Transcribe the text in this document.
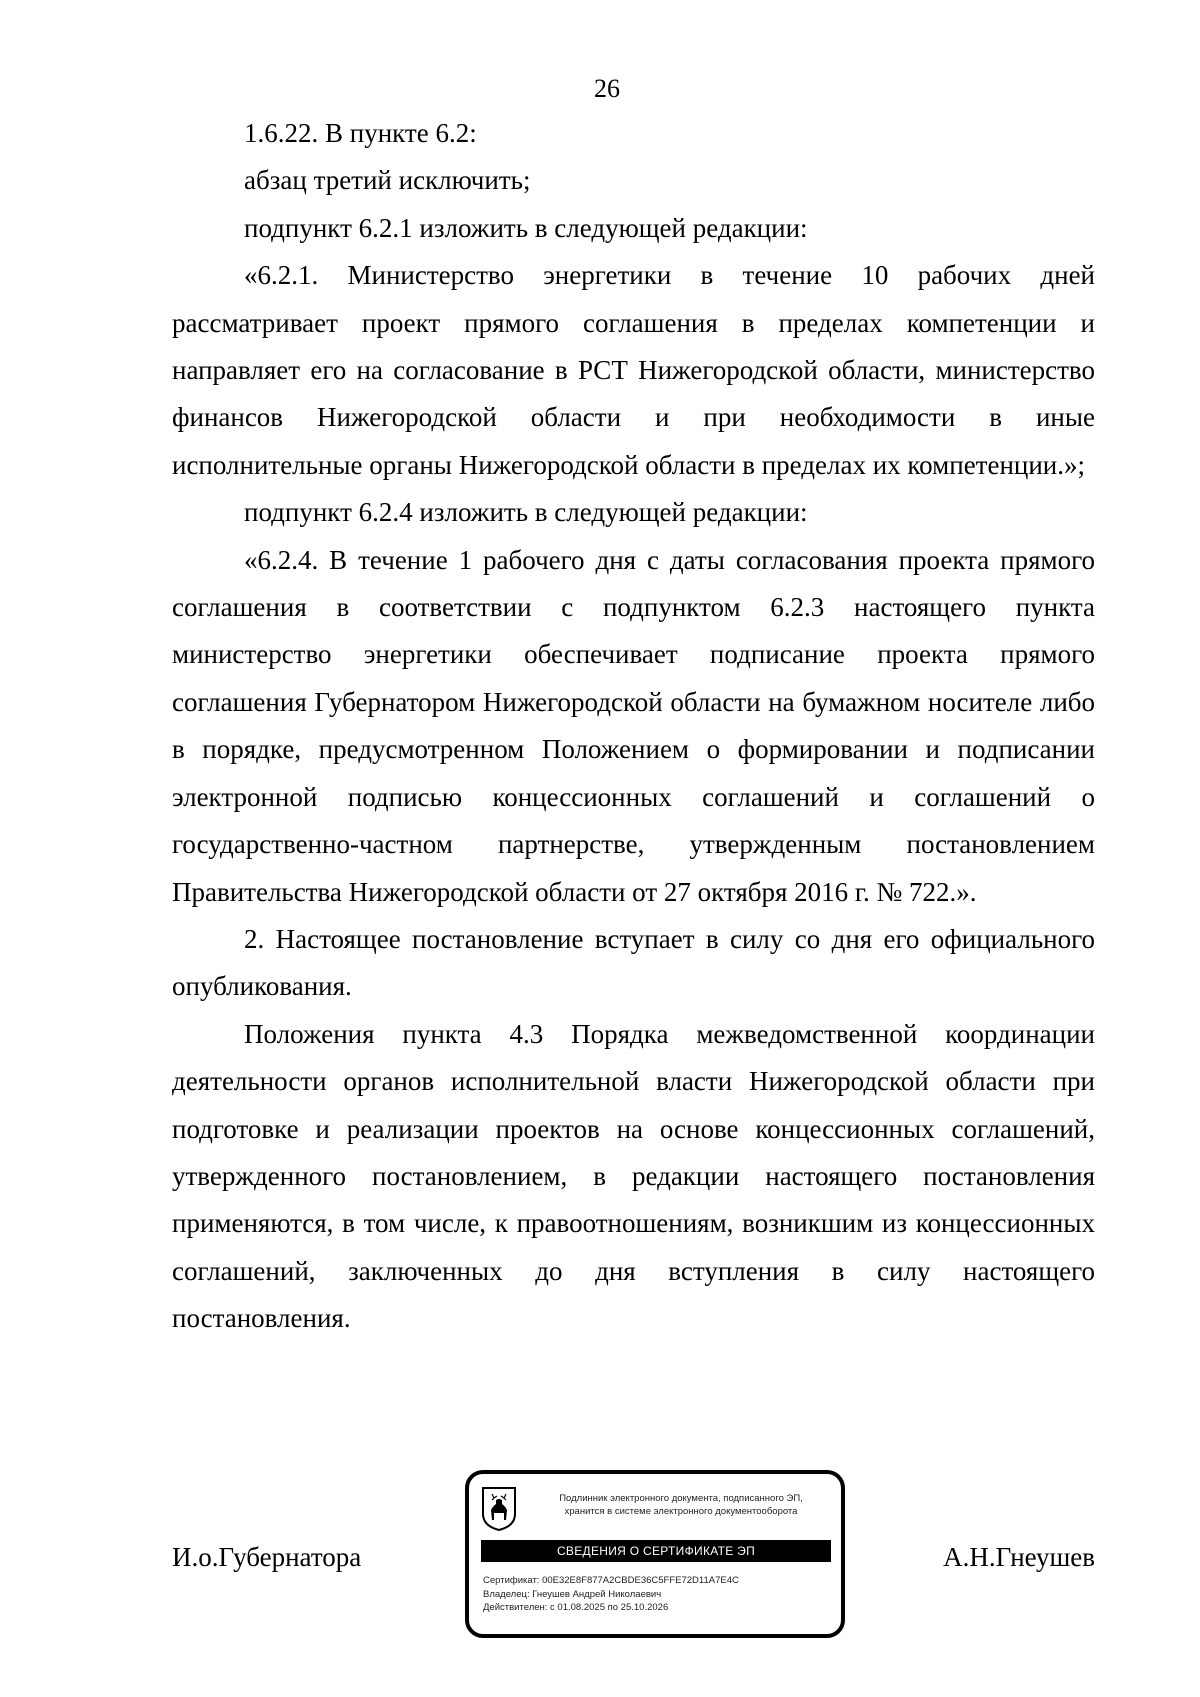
26

1.6.22. В пункте 6.2:

абзац третий исключить;

подпункт 6.2.1 изложить в следующей редакции:

«6.2.1. Министерство энергетики в течение 10 рабочих дней рассматривает проект прямого соглашения в пределах компетенции и направляет его на согласование в РСТ Нижегородской области, министерство финансов Нижегородской области и при необходимости в иные исполнительные органы Нижегородской области в пределах их компетенции.»;

подпункт 6.2.4 изложить в следующей редакции:

«6.2.4. В течение 1 рабочего дня с даты согласования проекта прямого соглашения в соответствии с подпунктом 6.2.3 настоящего пункта министерство энергетики обеспечивает подписание проекта прямого соглашения Губернатором Нижегородской области на бумажном носителе либо в порядке, предусмотренном Положением о формировании и подписании электронной подписью концессионных соглашений и соглашений о государственно-частном партнерстве, утвержденным постановлением Правительства Нижегородской области от 27 октября 2016 г. № 722.».

2. Настоящее постановление вступает в силу со дня его официального опубликования.

Положения пункта 4.3 Порядка межведомственной координации деятельности органов исполнительной власти Нижегородской области при подготовке и реализации проектов на основе концессионных соглашений, утвержденного постановлением, в редакции настоящего постановления применяются, в том числе, к правоотношениям, возникшим из концессионных соглашений, заключенных до дня вступления в силу настоящего постановления.

И.о.Губернатора
Подлинник электронного документа, подписанного ЭП,
хранится в системе электронного документооборота
СВЕДЕНИЯ О СЕРТИФИКАТЕ ЭП
Сертификат: 00E32E8F877A2CBDE36C5FFE72D11A7E4C
Владелец: Гнеушев Андрей Николаевич
Действителен: с 01.08.2025 по 25.10.2026
А.Н.Гнеушев
